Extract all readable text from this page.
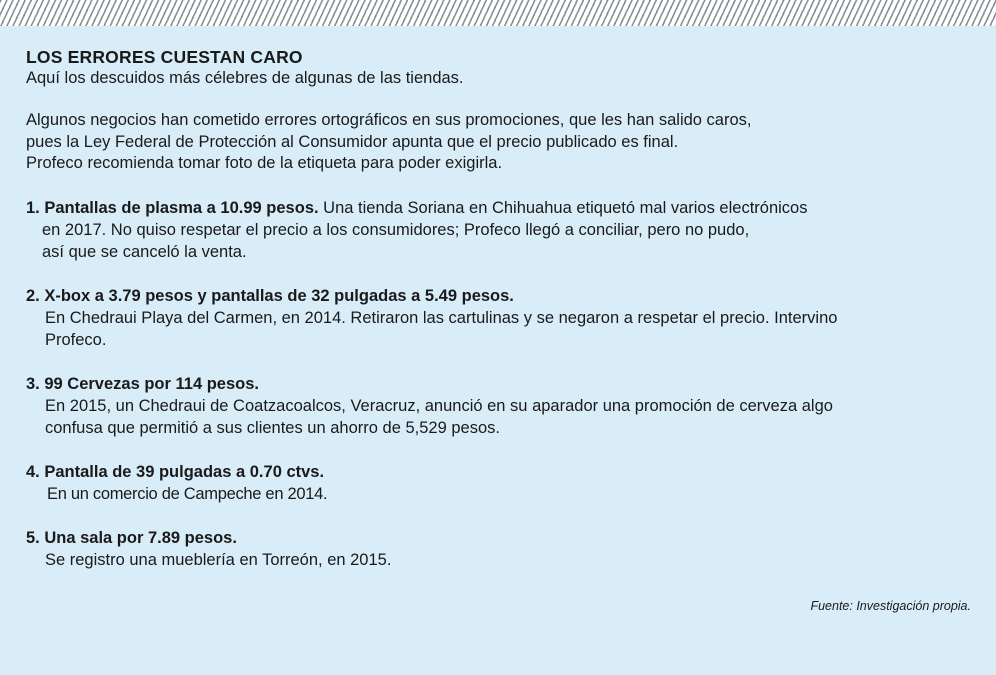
LOS ERRORES CUESTAN CARO
Aquí los descuidos más célebres de algunas de las tiendas.
Algunos negocios han cometido errores ortográficos en sus promociones, que les han salido caros,
pues la Ley Federal de Protección al Consumidor apunta que el precio publicado es final.
Profeco recomienda tomar foto de la etiqueta para poder exigirla.
1. Pantallas de plasma a 10.99 pesos. Una tienda Soriana en Chihuahua etiquetó mal varios electrónicos
en 2017. No quiso respetar el precio a los consumidores; Profeco llegó a conciliar, pero no pudo,
así que se canceló la venta.
2. X-box a 3.79 pesos y pantallas de 32 pulgadas a 5.49 pesos.
En Chedraui Playa del Carmen, en 2014. Retiraron las cartulinas y se negaron a respetar el precio. Intervino
Profeco.
3. 99 Cervezas por 114 pesos.
En 2015, un Chedraui de Coatzacoalcos, Veracruz, anunció en su aparador una promoción de cerveza algo
confusa que permitió a sus clientes un ahorro de 5,529 pesos.
4. Pantalla de 39 pulgadas a 0.70 ctvs.
En un comercio de Campeche en 2014.
5. Una sala por 7.89 pesos.
Se registro una mueblería en Torreón, en 2015.
Fuente: Investigación propia.
